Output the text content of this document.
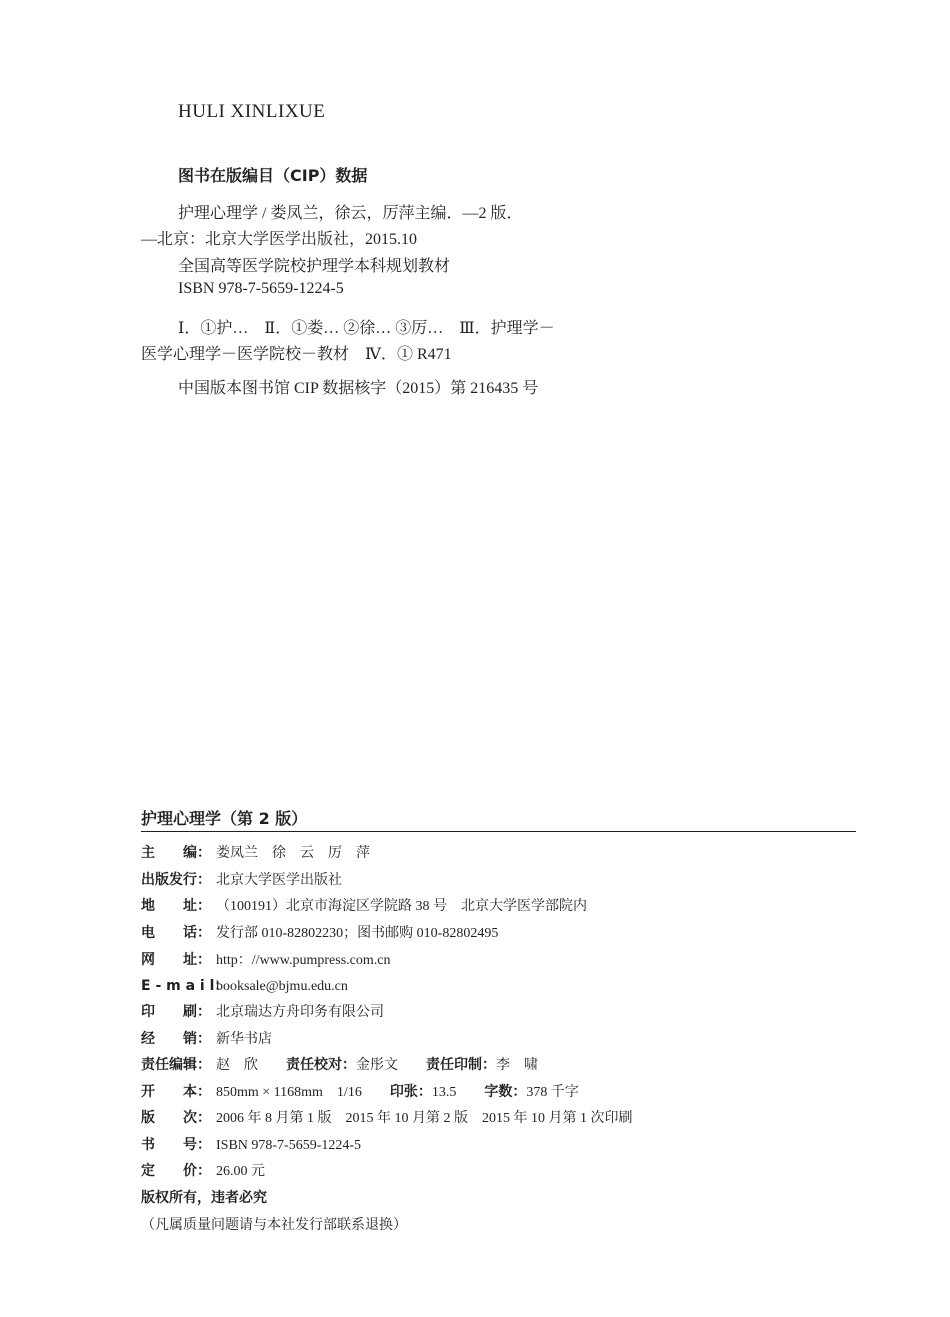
HULI XINLIXUE
图书在版编目（CIP）数据
护理心理学 / 娄凤兰，徐云，厉萍主编．—2 版．
—北京：北京大学医学出版社，2015.10
全国高等医学院校护理学本科规划教材
ISBN 978-7-5659-1224-5
Ⅰ．①护…　Ⅱ．①娄… ②徐… ③厉…　Ⅲ．护理学－
医学心理学－医学院校－教材　Ⅳ．① R471
中国版本图书馆 CIP 数据核字（2015）第 216435 号
护理心理学（第 2 版）
主　　编： 娄凤兰　徐　云　厉　萍
出版发行： 北京大学医学出版社
地　　址： （100191）北京市海淀区学院路 38 号　北京大学医学部院内
电　　话： 发行部 010-82802230；图书邮购 010-82802495
网　　址： http：//www.pumpress.com.cn
E - m a i l：booksale@bjmu.edu.cn
印　　刷： 北京瑞达方舟印务有限公司
经　　销： 新华书店
责任编辑： 赵　欣 责任校对：金彤文 责任印制：李　啸
开　　本： 850mm × 1168mm　1/16 印张：13.5 字数：378 千字
版　　次： 2006 年 8 月第 1 版　2015 年 10 月第 2 版　2015 年 10 月第 1 次印刷
书　　号： ISBN 978-7-5659-1224-5
定　　价： 26.00 元
版权所有，违者必究
（凡属质量问题请与本社发行部联系退换）
